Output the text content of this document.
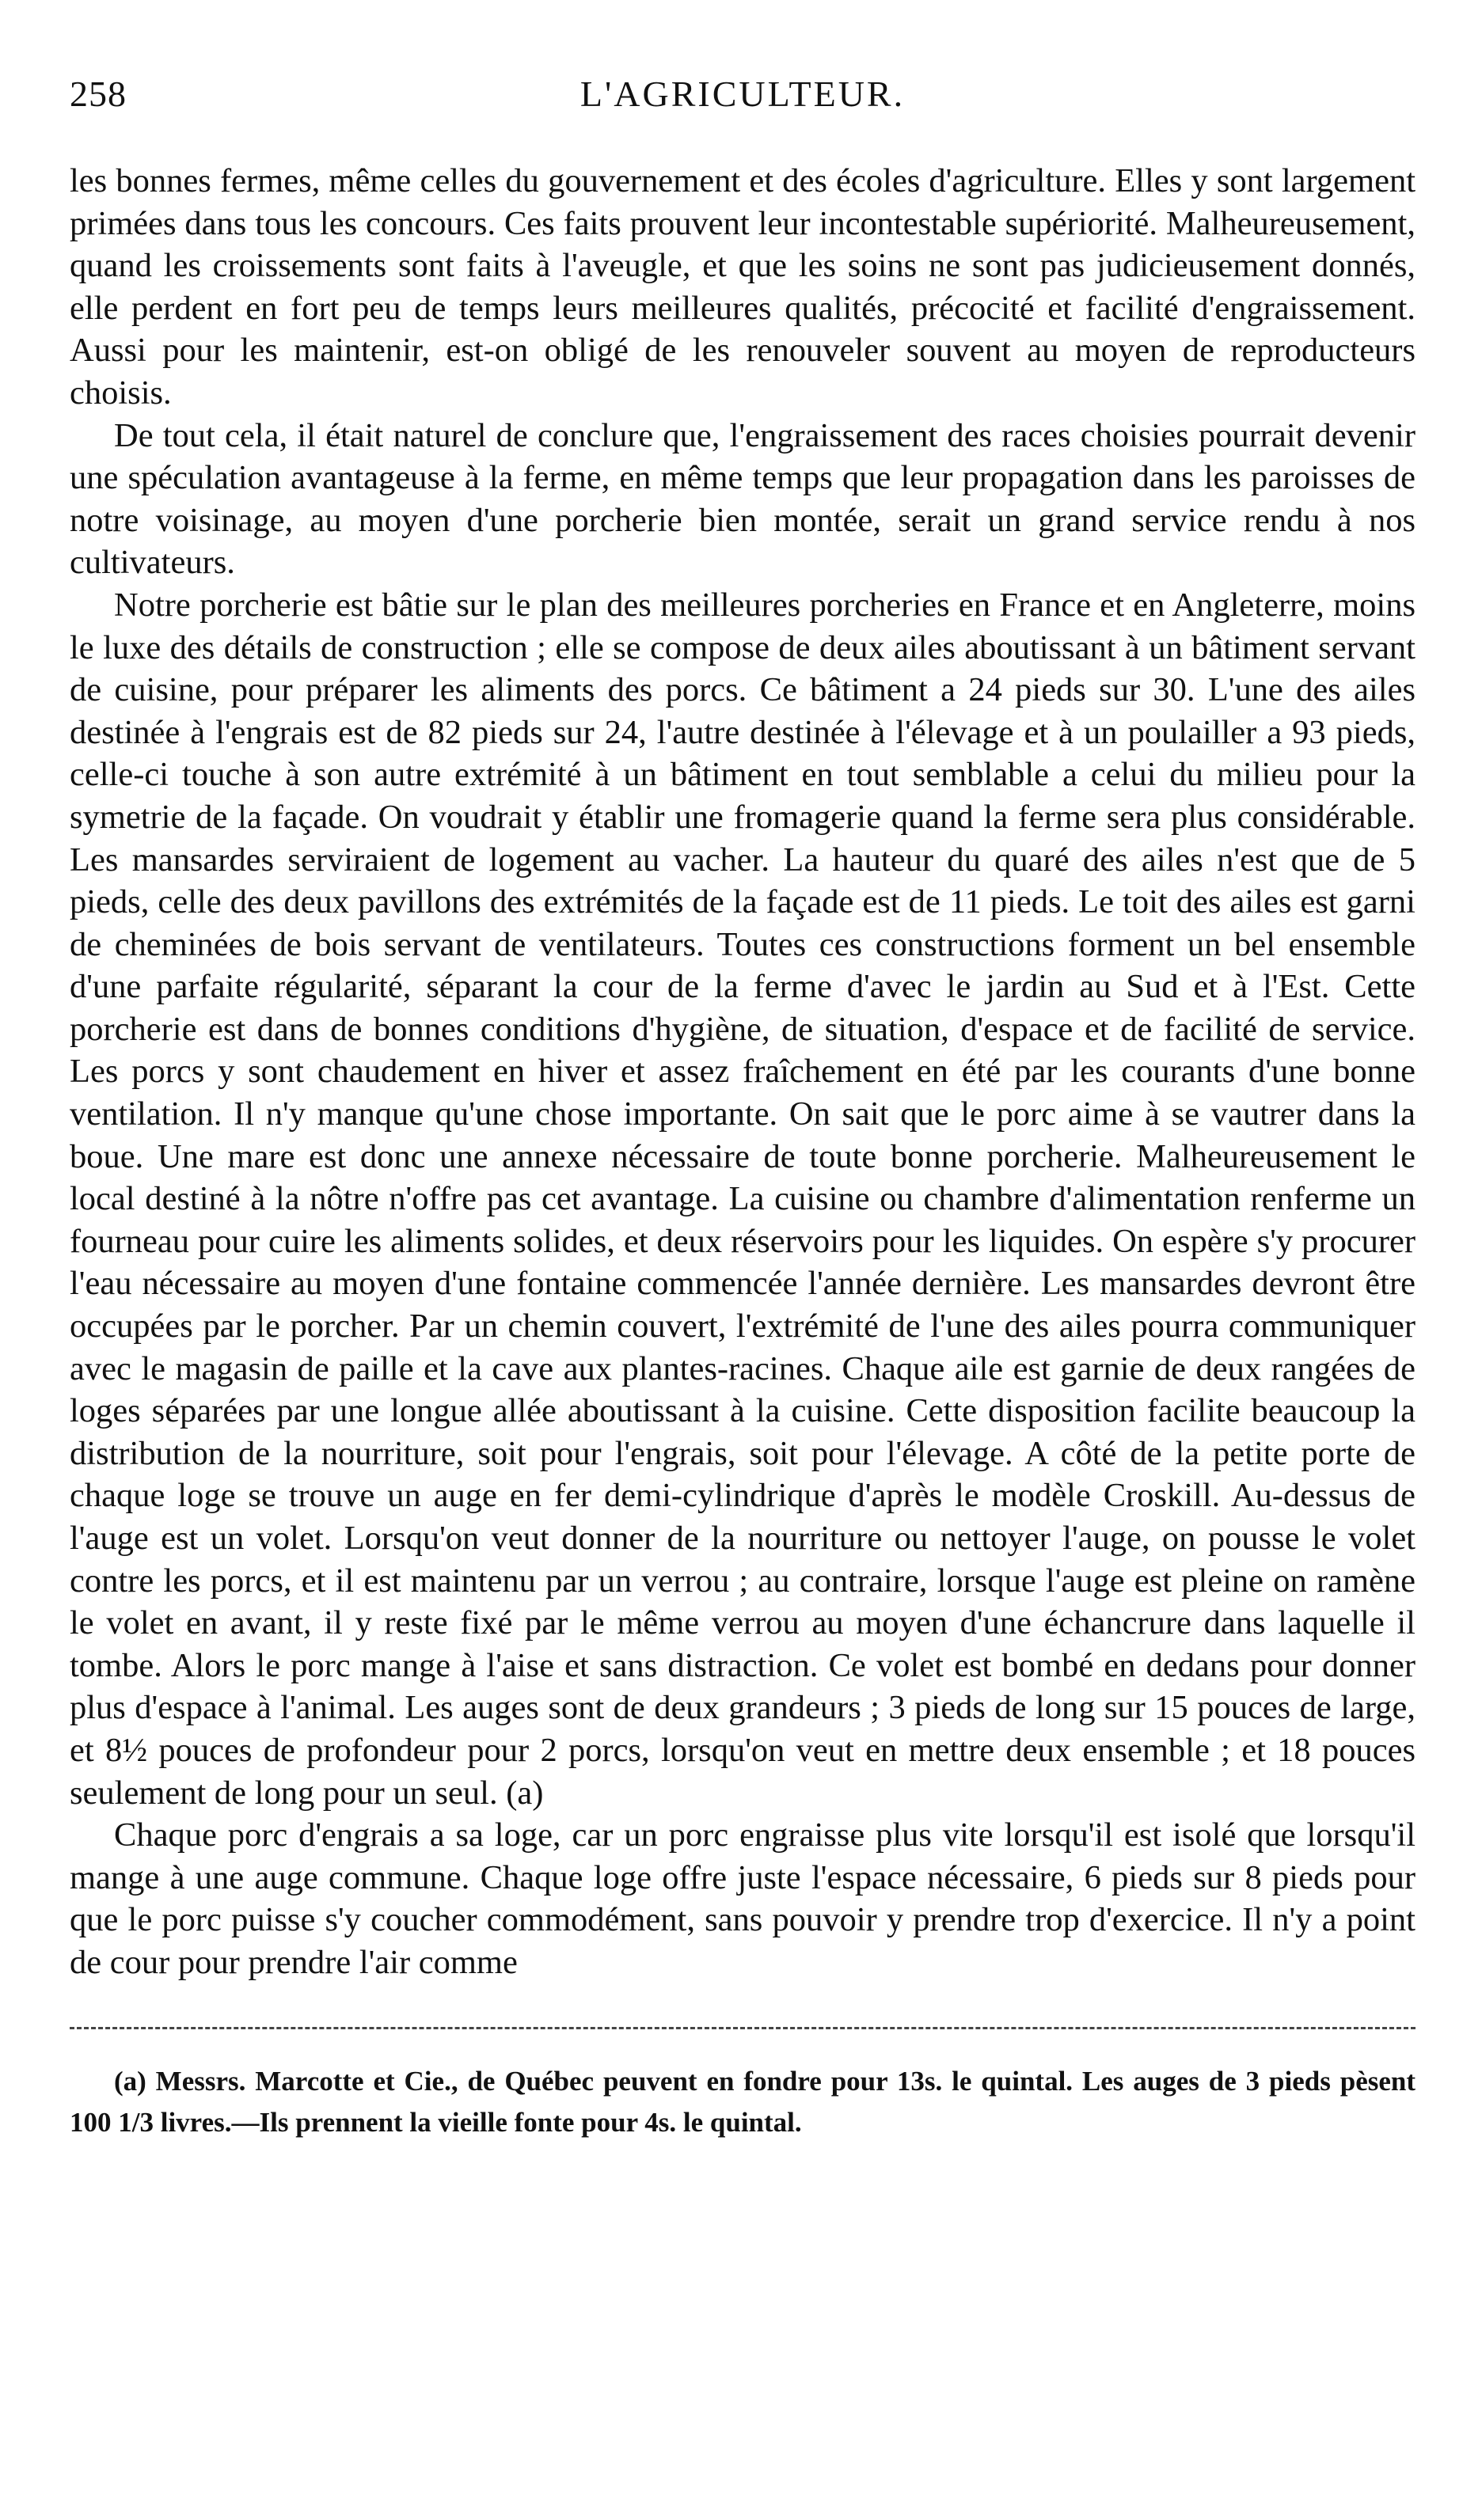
258	L'AGRICULTEUR.

les bonnes fermes, même celles du gouvernement et des écoles d'agriculture. Elles y sont largement primées dans tous les concours. Ces faits prouvent leur incontestable supériorité. Malheureusement, quand les croissements sont faits à l'aveugle, et que les soins ne sont pas judicieusement donnés, elle perdent en fort peu de temps leurs meilleures qualités, précocité et facilité d'engraissement. Aussi pour les maintenir, est-on obligé de les renouveler souvent au moyen de reproducteurs choisis.

De tout cela, il était naturel de conclure que, l'engraissement des races choisies pourrait devenir une spéculation avantageuse à la ferme, en même temps que leur propagation dans les paroisses de notre voisinage, au moyen d'une porcherie bien montée, serait un grand service rendu à nos cultivateurs.

Notre porcherie est bâtie sur le plan des meilleures porcheries en France et en Angleterre, moins le luxe des détails de construction ; elle se compose de deux ailes aboutissant à un bâtiment servant de cuisine, pour préparer les aliments des porcs. Ce bâtiment a 24 pieds sur 30. L'une des ailes destinée à l'engrais est de 82 pieds sur 24, l'autre destinée à l'élevage et à un poulailler a 93 pieds, celle-ci touche à son autre extrémité à un bâtiment en tout semblable a celui du milieu pour la symetrie de la façade. On voudrait y établir une fromagerie quand la ferme sera plus considérable. Les mansardes serviraient de logement au vacher. La hauteur du quaré des ailes n'est que de 5 pieds, celle des deux pavillons des extrémités de la façade est de 11 pieds. Le toit des ailes est garni de cheminées de bois servant de ventilateurs. Toutes ces constructions forment un bel ensemble d'une parfaite régularité, séparant la cour de la ferme d'avec le jardin au Sud et à l'Est. Cette porcherie est dans de bonnes conditions d'hygiène, de situation, d'espace et de facilité de service. Les porcs y sont chaudement en hiver et assez fraîchement en été par les courants d'une bonne ventilation. Il n'y manque qu'une chose importante. On sait que le porc aime à se vautrer dans la boue. Une mare est donc une annexe nécessaire de toute bonne porcherie. Malheureusement le local destiné à la nôtre n'offre pas cet avantage. La cuisine ou chambre d'alimentation renferme un fourneau pour cuire les aliments solides, et deux réservoirs pour les liquides. On espère s'y procurer l'eau nécessaire au moyen d'une fontaine commencée l'année dernière. Les mansardes devront être occupées par le porcher. Par un chemin couvert, l'extrémité de l'une des ailes pourra communiquer avec le magasin de paille et la cave aux plantes-racines. Chaque aile est garnie de deux rangées de loges séparées par une longue allée aboutissant à la cuisine. Cette disposition facilite beaucoup la distribution de la nourriture, soit pour l'engrais, soit pour l'élevage. A côté de la petite porte de chaque loge se trouve un auge en fer demi-cylindrique d'après le modèle Croskill. Au-dessus de l'auge est un volet. Lorsqu'on veut donner de la nourriture ou nettoyer l'auge, on pousse le volet contre les porcs, et il est maintenu par un verrou ; au contraire, lorsque l'auge est pleine on ramène le volet en avant, il y reste fixé par le même verrou au moyen d'une échancrure dans laquelle il tombe. Alors le porc mange à l'aise et sans distraction. Ce volet est bombé en dedans pour donner plus d'espace à l'animal. Les auges sont de deux grandeurs ; 3 pieds de long sur 15 pouces de large, et 8½ pouces de profondeur pour 2 porcs, lorsqu'on veut en mettre deux ensemble ; et 18 pouces seulement de long pour un seul. (a)

Chaque porc d'engrais a sa loge, car un porc engraisse plus vite lorsqu'il est isolé que lorsqu'il mange à une auge commune. Chaque loge offre juste l'espace nécessaire, 6 pieds sur 8 pieds pour que le porc puisse s'y coucher commodément, sans pouvoir y prendre trop d'exercice. Il n'y a point de cour pour prendre l'air comme

(a) Messrs. Marcotte et Cie., de Québec peuvent en fondre pour 13s. le quintal. Les auges de 3 pieds pèsent 100 1/3 livres.—Ils prennent la vieille fonte pour 4s. le quintal.
